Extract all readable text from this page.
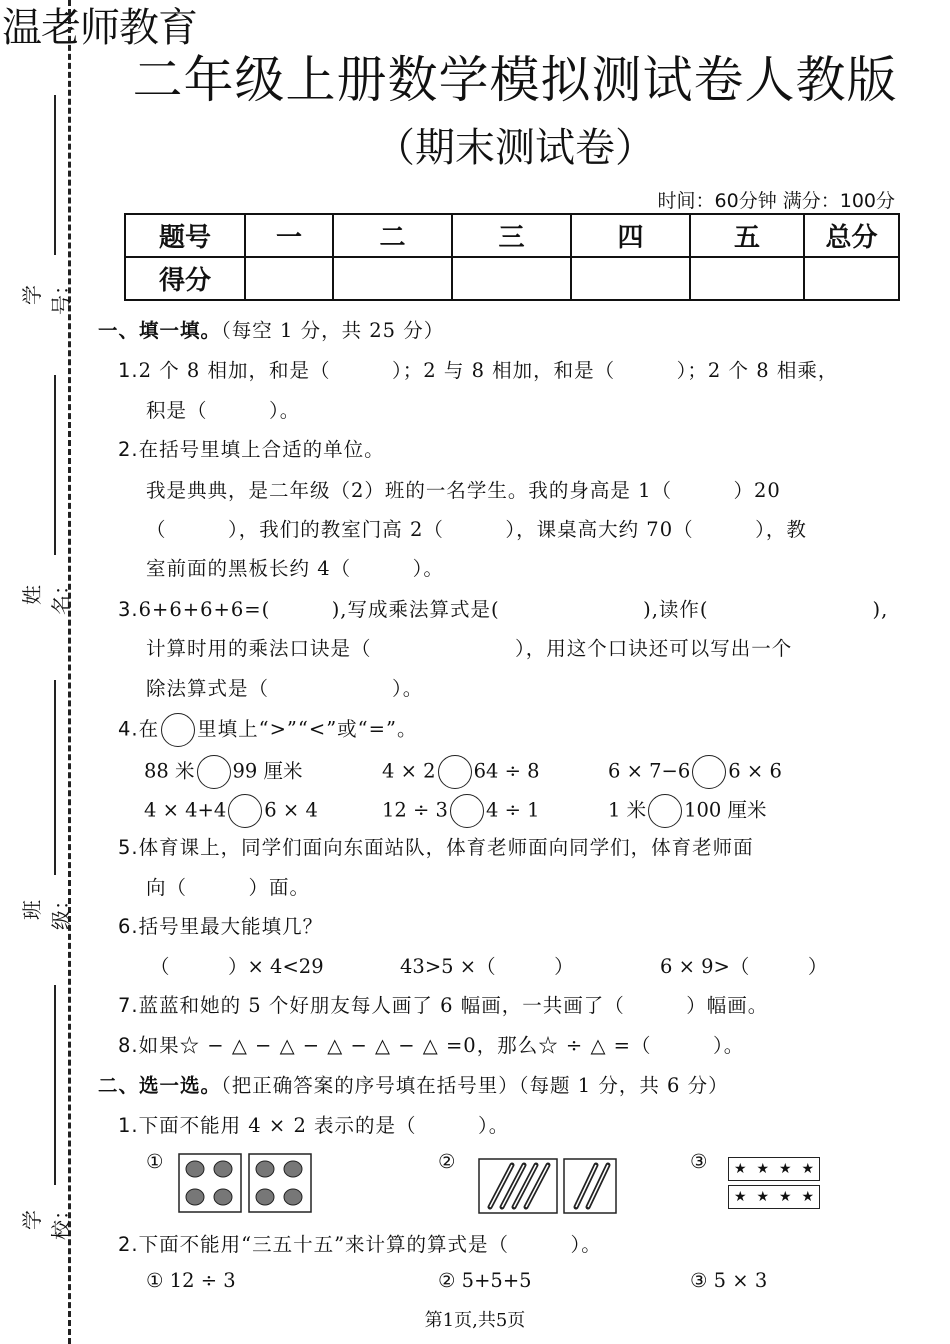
温老师教育
二年级上册数学模拟测试卷人教版
（期末测试卷）
时间：60分钟 满分：100分
学号：
姓名：
班级：
学校：
题号	一	二	三	四	五	总分
得分						
一、填一填。（每空 1 分，共 25 分）
1.2 个 8 相加，和是（　　　）；2 与 8 相加，和是（　　　）；2 个 8 相乘，
积是（　　　）。
2.在括号里填上合适的单位。
我是典典，是二年级（2）班的一名学生。我的身高是 1（　　　）20
（　　　），我们的教室门高 2（　　　），课桌高大约 70（　　　），教
室前面的黑板长约 4（　　　）。
3.6+6+6+6=(　　　),写成乘法算式是(　　　　　　　),读作(　　　　　　　　),
计算时用的乘法口诀是（　　　　　　　），用这个口诀还可以写出一个
除法算式是（　　　　　　）。
4.在 里填上“>”“<”或“=”。
88 米 99 厘米	4 × 2 64 ÷ 8	6 × 7−6 6 × 6
4 × 4+4 6 × 4	12 ÷ 3 4 ÷ 1	1 米 100 厘米
5.体育课上，同学们面向东面站队，体育老师面向同学们，体育老师面
向（　　　）面。
6.括号里最大能填几？
（　　　）× 4<29	43>5 ×（　　　）	6 × 9>（　　　）
7.蓝蓝和她的 5 个好朋友每人画了 6 幅画，一共画了（　　　）幅画。
8.如果☆ − △ − △ − △ − △ − △ =0，那么☆ ÷ △ =（　　　）。
二、选一选。（把正确答案的序号填在括号里）（每题 1 分，共 6 分）
1.下面不能用 4 × 2 表示的是（　　　）。
①	②	③ ★ ★ ★ ★
★ ★ ★ ★
2.下面不能用“三五十五”来计算的算式是（　　　）。
① 12 ÷ 3	② 5+5+5	③ 5 × 3
第1页,共5页
